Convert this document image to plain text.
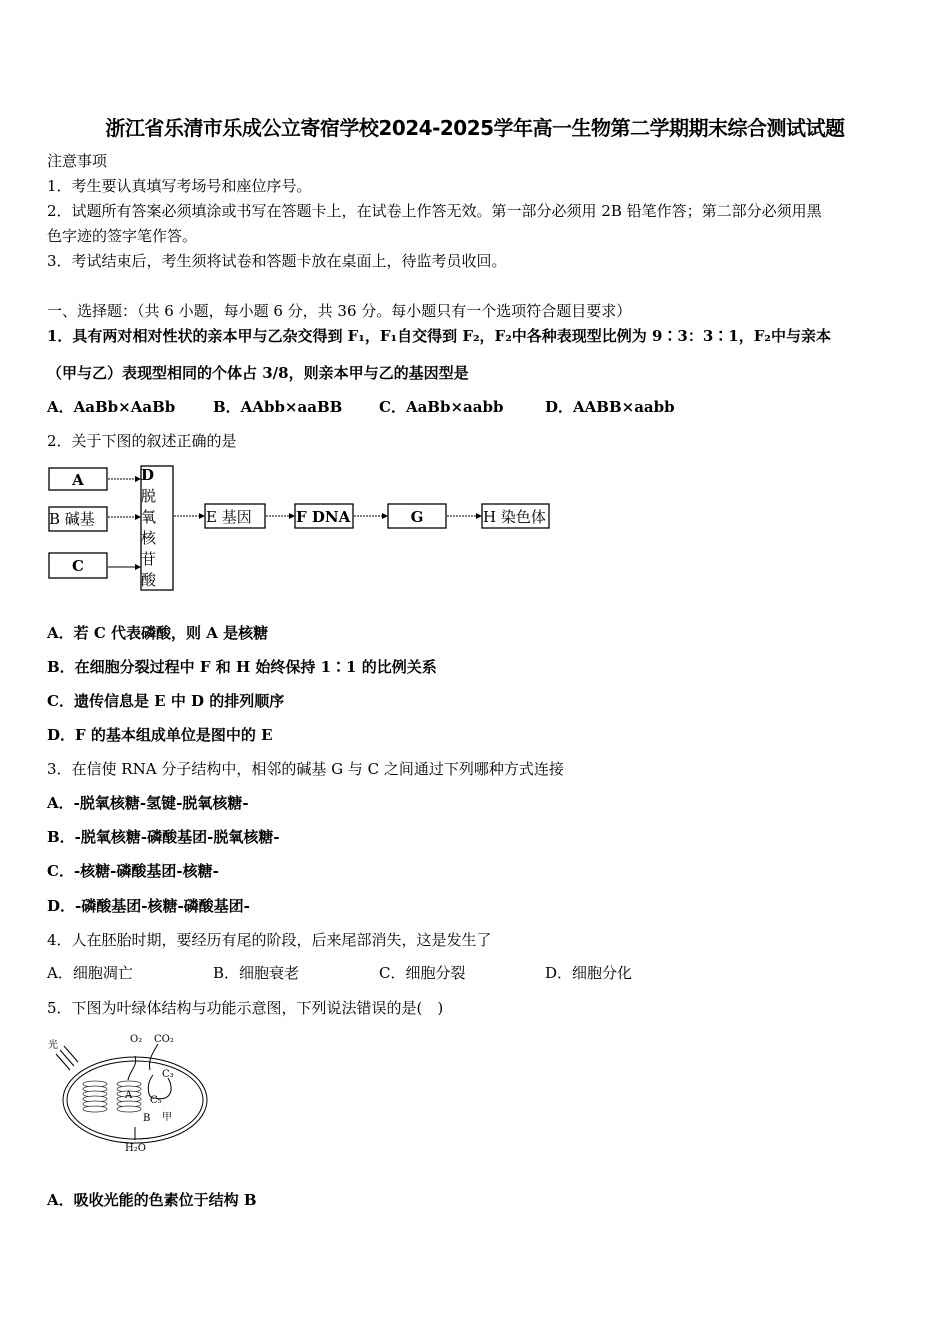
浙江省乐清市乐成公立寄宿学校2024-2025学年高一生物第二学期期末综合测试试题
注意事项
1．考生要认真填写考场号和座位序号。
2．试题所有答案必须填涂或书写在答题卡上，在试卷上作答无效。第一部分必须用 2B 铅笔作答；第二部分必须用黑
色字迹的签字笔作答。
3．考试结束后，考生须将试卷和答题卡放在桌面上，待监考员收回。
一、选择题：（共 6 小题，每小题 6 分，共 36 分。每小题只有一个选项符合题目要求）
1．具有两对相对性状的亲本甲与乙杂交得到 F₁，F₁自交得到 F₂，F₂中各种表现型比例为 9∶3：3∶1，F₂中与亲本
（甲与乙）表现型相同的个体占 3/8，则亲本甲与乙的基因型是
A．AaBb×AaBb	B．AAbb×aaBB C．AaBb×aabb	D．AABB×aabb
2．关于下图的叙述正确的是
A
B 碱基
C
D
脱
氧
核
苷
酸
E 基因	F DNA	G	H 染色体
A．若 C 代表磷酸，则 A 是核糖
B．在细胞分裂过程中 F 和 H 始终保持 1∶1 的比例关系
C．遗传信息是 E 中 D 的排列顺序
D．F 的基本组成单位是图中的 E
3．在信使 RNA 分子结构中，相邻的碱基 G 与 C 之间通过下列哪种方式连接
A．-脱氧核糖-氢键-脱氧核糖-
B．-脱氧核糖-磷酸基团-脱氧核糖-
C．-核糖-磷酸基团-核糖-
D．-磷酸基团-核糖-磷酸基团-
4．人在胚胎时期，要经历有尾的阶段，后来尾部消失，这是发生了
A．细胞凋亡	B．细胞衰老	C．细胞分裂	D．细胞分化
5．下图为叶绿体结构与功能示意图，下列说法错误的是(　)
光
O₂ CO₂
C₃
C₅
A
B 甲
H₂O
A．吸收光能的色素位于结构 B
